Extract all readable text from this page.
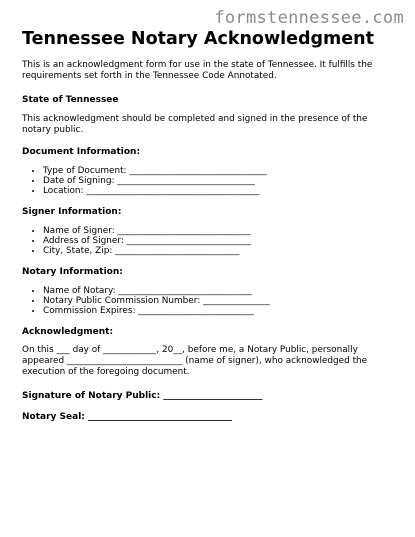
formstennessee.com
Tennessee Notary Acknowledgment

This is an acknowledgment form for use in the state of Tennessee. It fulfills the requirements set forth in the Tennessee Code Annotated.

State of Tennessee

This acknowledgment should be completed and signed in the presence of the notary public.

Document Information:
• Type of Document: _______________________________
• Date of Signing: _______________________________
• Location: _______________________________________
Signer Information:
• Name of Signer: ______________________________
• Address of Signer: ____________________________
• City, State, Zip: ____________________________
Notary Information:
• Name of Notary: ______________________________
• Notary Public Commission Number: _______________
• Commission Expires: __________________________
Acknowledgment:

On this ___ day of ____________, 20__, before me, a Notary Public, personally appeared __________________________ (name of signer), who acknowledged the execution of the foregoing document.

Signature of Notary Public: ______________________
Notary Seal: ________________________________
